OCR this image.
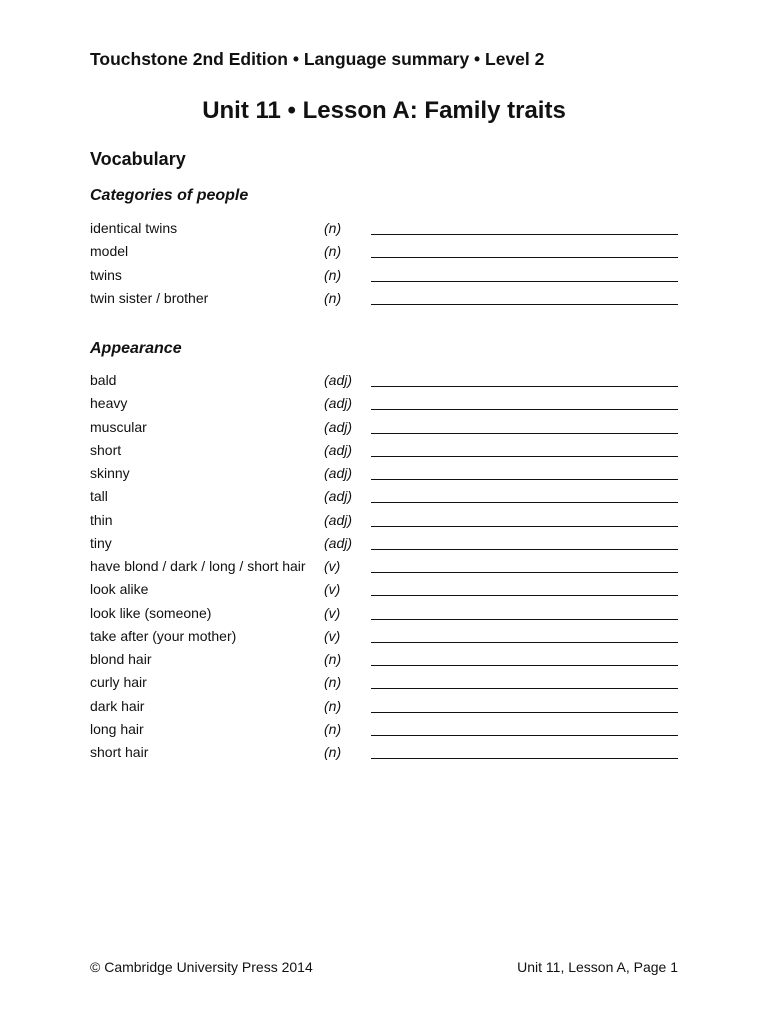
Touchstone 2nd Edition • Language summary • Level 2
Unit 11 • Lesson A: Family traits
Vocabulary
Categories of people
identical twins	(n)
model	(n)
twins	(n)
twin sister / brother	(n)
Appearance
bald	(adj)
heavy	(adj)
muscular	(adj)
short	(adj)
skinny	(adj)
tall	(adj)
thin	(adj)
tiny	(adj)
have blond / dark / long / short hair (v)
look alike	(v)
look like (someone)	(v)
take after (your mother)	(v)
blond hair	(n)
curly hair	(n)
dark hair	(n)
long hair	(n)
short hair	(n)
© Cambridge University Press 2014	Unit 11, Lesson A, Page 1
